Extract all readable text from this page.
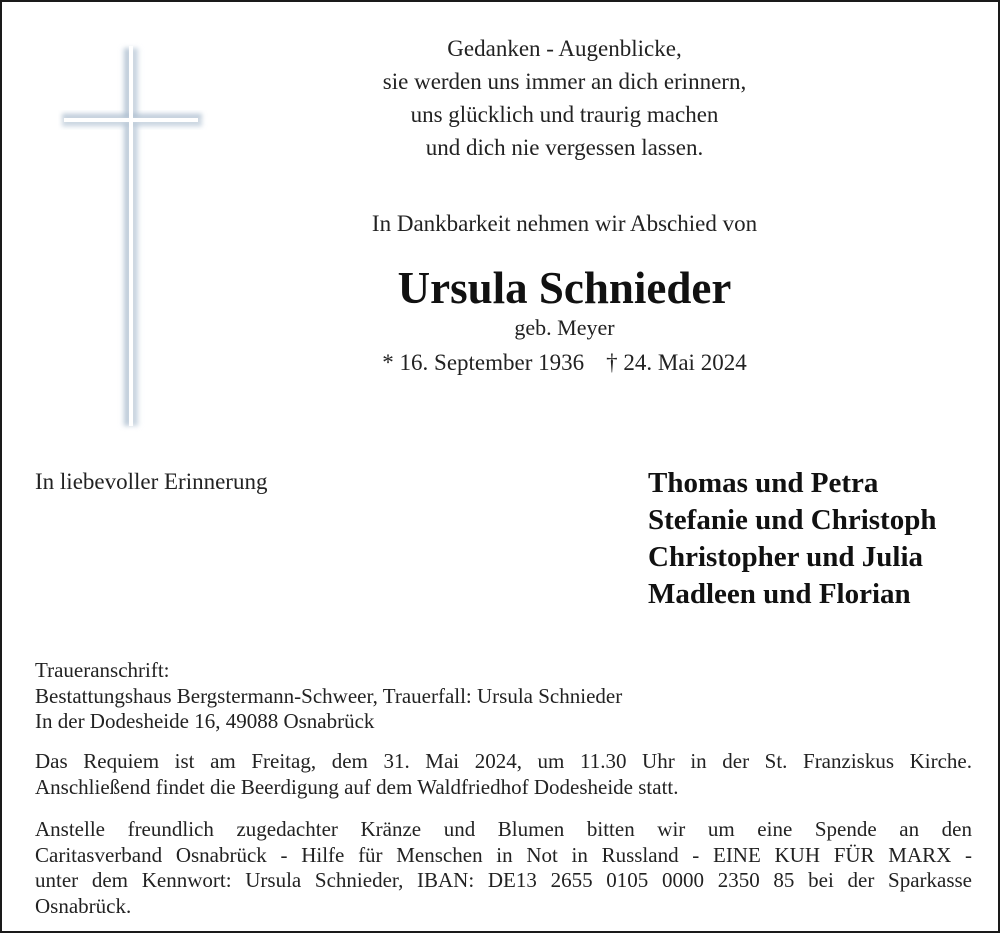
Gedanken - Augenblicke,
sie werden uns immer an dich erinnern,
uns glücklich und traurig machen
und dich nie vergessen lassen.
In Dankbarkeit nehmen wir Abschied von
Ursula Schnieder
geb. Meyer
* 16. September 1936 † 24. Mai 2024
In liebevoller Erinnerung	Thomas und Petra
Stefanie und Christoph
Christopher und Julia
Madleen und Florian
Traueranschrift:
Bestattungshaus Bergstermann-Schweer, Trauerfall: Ursula Schnieder
In der Dodesheide 16, 49088 Osnabrück
Das Requiem ist am Freitag, dem 31. Mai 2024, um 11.30 Uhr in der St. Franziskus Kirche.
Anschließend findet die Beerdigung auf dem Waldfriedhof Dodesheide statt.
Anstelle freundlich zugedachter Kränze und Blumen bitten wir um eine Spende an den
Caritasverband Osnabrück - Hilfe für Menschen in Not in Russland - EINE KUH FÜR MARX -
unter dem Kennwort: Ursula Schnieder, IBAN: DE13 2655 0105 0000 2350 85 bei der Sparkasse
Osnabrück.
